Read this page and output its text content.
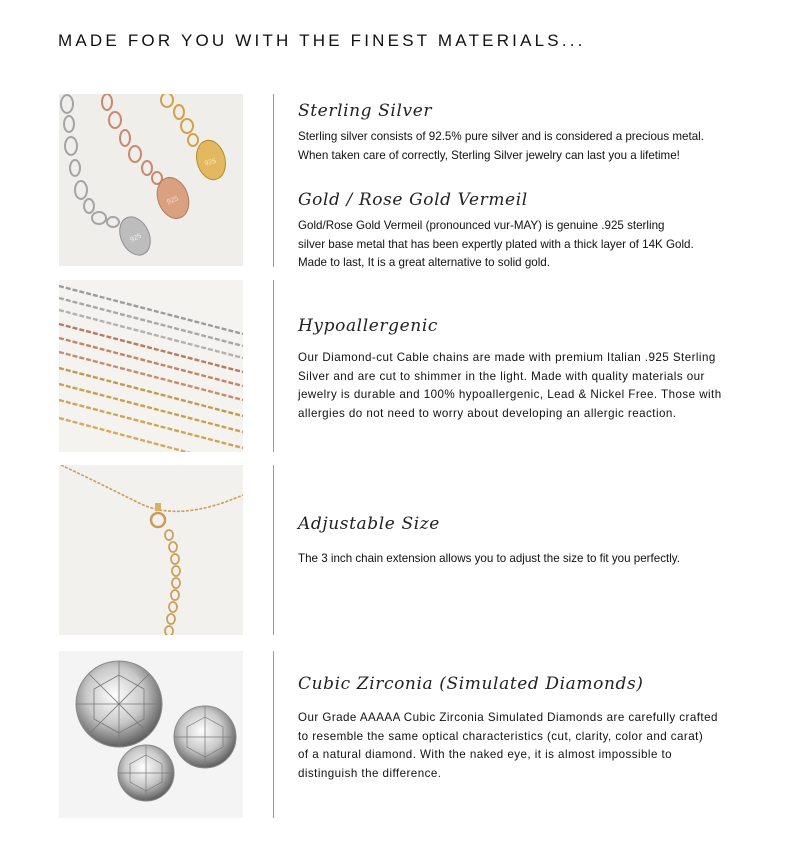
MADE FOR YOU WITH THE FINEST MATERIALS...
925
925
925
Sterling Silver

Sterling silver consists of 92.5% pure silver and is considered a precious metal.
When taken care of correctly, Sterling Silver jewelry can last you a lifetime!

Gold / Rose Gold Vermeil

Gold/Rose Gold Vermeil (pronounced vur-MAY) is genuine .925 sterling
silver base metal that has been expertly plated with a thick layer of 14K Gold.
Made to last, It is a great alternative to solid gold.

Hypoallergenic

Our Diamond-cut Cable chains are made with premium Italian .925 Sterling
Silver and are cut to shimmer in the light. Made with quality materials our
jewelry is durable and 100% hypoallergenic, Lead & Nickel Free. Those with
allergies do not need to worry about developing an allergic reaction.

Adjustable Size

The 3 inch chain extension allows you to adjust the size to fit you perfectly.

Cubic Zirconia (Simulated Diamonds)

Our Grade AAAAA Cubic Zirconia Simulated Diamonds are carefully crafted
to resemble the same optical characteristics (cut, clarity, color and carat)
of a natural diamond. With the naked eye, it is almost impossible to
distinguish the difference.
